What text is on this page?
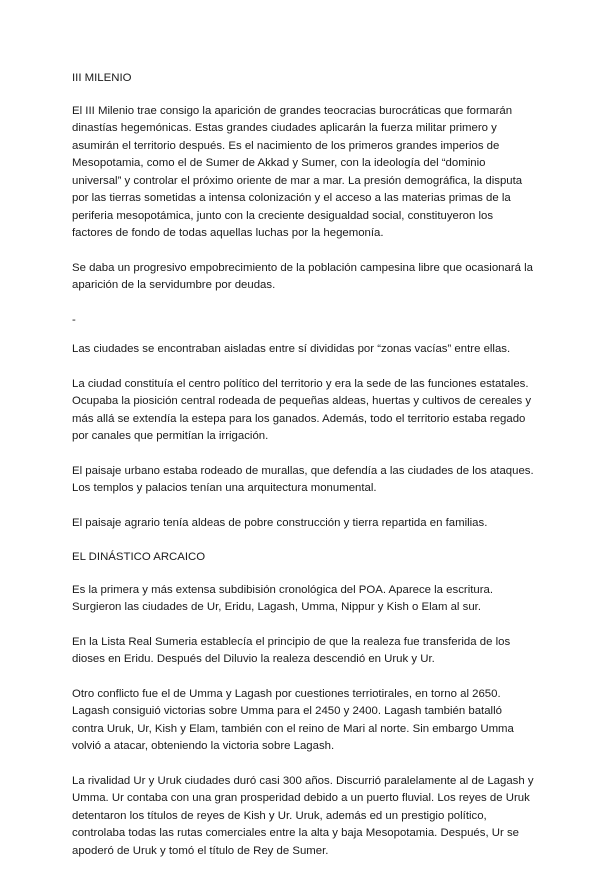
III MILENIO

El III Milenio trae consigo la aparición de grandes teocracias burocráticas que formarán dinastías hegemónicas. Estas grandes ciudades aplicarán la fuerza militar primero y asumirán el territorio después. Es el nacimiento de los primeros grandes imperios de Mesopotamia, como el de Sumer de Akkad y Sumer, con la ideología del “dominio universal” y controlar el próximo oriente de mar a mar. La presión demográfica, la disputa por las tierras sometidas a intensa colonización y el acceso a las materias primas de la periferia mesopotámica, junto con la creciente desigualdad social, constituyeron los factores de fondo de todas aquellas luchas por la hegemonía.

Se daba un progresivo empobrecimiento de la población campesina libre que ocasionará la aparición de la servidumbre por deudas.

-

Las ciudades se encontraban aisladas entre sí divididas por “zonas vacías” entre ellas.

La ciudad constituía el centro político del territorio y era la sede de las funciones estatales. Ocupaba la piosición central rodeada de pequeñas aldeas, huertas y cultivos de cereales y más allá se extendía la estepa para los ganados. Además, todo el territorio estaba regado por canales que permitían la irrigación.

El paisaje urbano estaba rodeado de murallas, que defendía a las ciudades de los ataques. Los templos y palacios tenían una arquitectura monumental.

El paisaje agrario tenía aldeas de pobre construcción y tierra repartida en familias.

EL DINÁSTICO ARCAICO

Es la primera y más extensa subdibisión cronológica del POA. Aparece la escritura. Surgieron las ciudades de Ur, Eridu, Lagash, Umma, Nippur y Kish o Elam al sur.

En la Lista Real Sumeria establecía el principio de que la realeza fue transferida de los dioses en Eridu. Después del Diluvio la realeza descendió en Uruk y Ur.

Otro conflicto fue el de Umma y Lagash por cuestiones terriotirales, en torno al 2650. Lagash consiguió victorias sobre Umma para el 2450 y 2400. Lagash también batalló contra Uruk, Ur, Kish y Elam, también con el reino de Mari al norte. Sin embargo Umma volvió a atacar, obteniendo la victoria sobre Lagash.

La rivalidad Ur y Uruk ciudades duró casi 300 años. Discurrió paralelamente al de Lagash y Umma. Ur contaba con una gran prosperidad debido a un puerto fluvial. Los reyes de Uruk detentaron los títulos de reyes de Kish y Ur. Uruk, además ed un prestigio político, controlaba todas las rutas comerciales entre la alta y baja Mesopotamia. Después, Ur se apoderó de Uruk y tomó el título de Rey de Sumer.
